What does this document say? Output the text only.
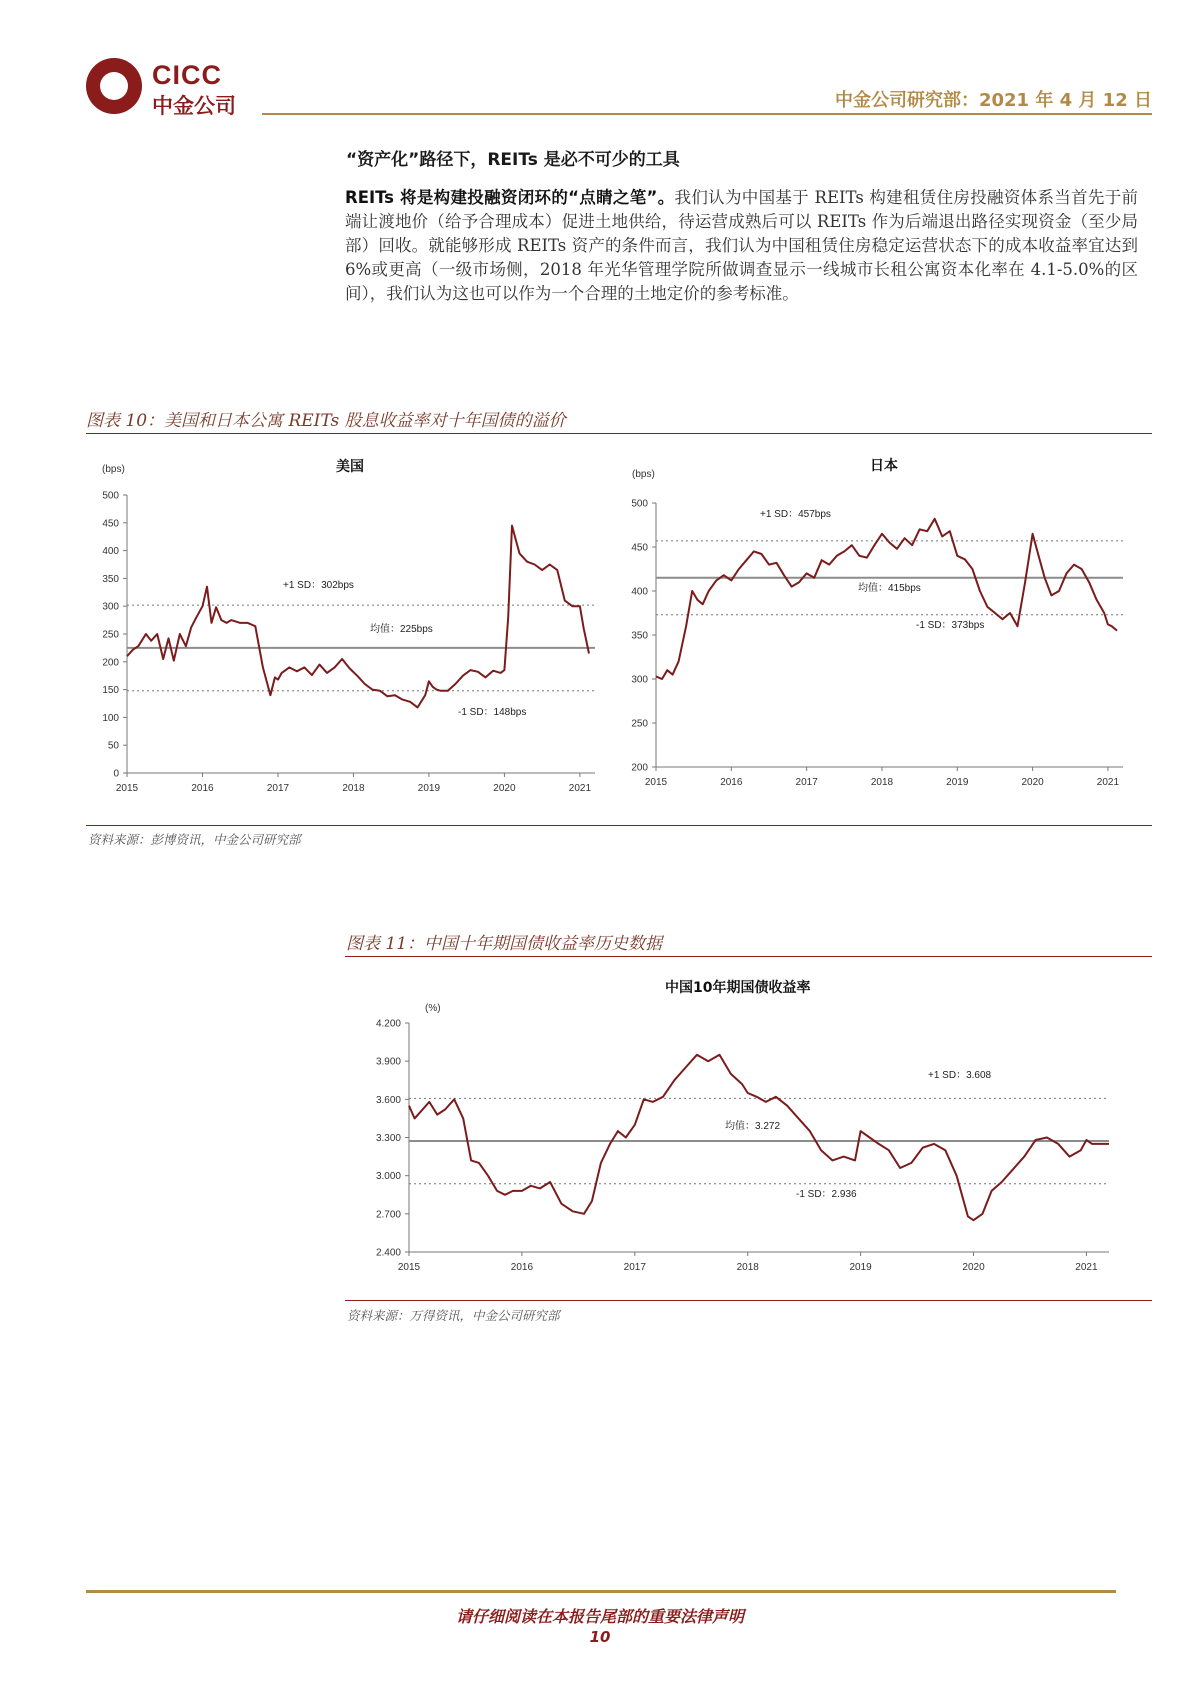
CICC
中金公司	中金公司研究部：2021 年 4 月 12 日
“资产化”路径下，REITs 是必不可少的工具
REITs 将是构建投融资闭环的“点睛之笔”。我们认为中国基于 REITs 构建租赁住房投融资体系当首先于前端让渡地价（给予合理成本）促进土地供给，待运营成熟后可以 REITs 作为后端退出路径实现资金（至少局部）回收。就能够形成 REITs 资产的条件而言，我们认为中国租赁住房稳定运营状态下的成本收益率宜达到 6%或更高（一级市场侧，2018 年光华管理学院所做调查显示一线城市长租公寓资本化率在 4.1-5.0%的区间），我们认为这也可以作为一个合理的土地定价的参考标准。
图表 10：美国和日本公寓 REITs 股息收益率对十年国债的溢价
美国
(bps)
0
50
100
150
200
250
300
350
400
450
500
2015	2016	2017	2018	2019	2020	2021
+1 SD：302bps
均值：225bps
-1 SD：148bps
日本
(bps)
200
250
300
350
400
450
500
2015	2016	2017	2018	2019	2020	2021
+1 SD：457bps
均值：415bps
-1 SD：373bps
资料来源：彭博资讯，中金公司研究部
图表 11：中国十年期国债收益率历史数据
中国10年期国债收益率
(%)
2.400
2.700
3.000
3.300
3.600
3.900
4.200
2015	2016	2017	2018	2019	2020	2021
+1 SD：3.608
均值：3.272
-1 SD：2.936
资料来源：万得资讯，中金公司研究部
请仔细阅读在本报告尾部的重要法律声明
10
